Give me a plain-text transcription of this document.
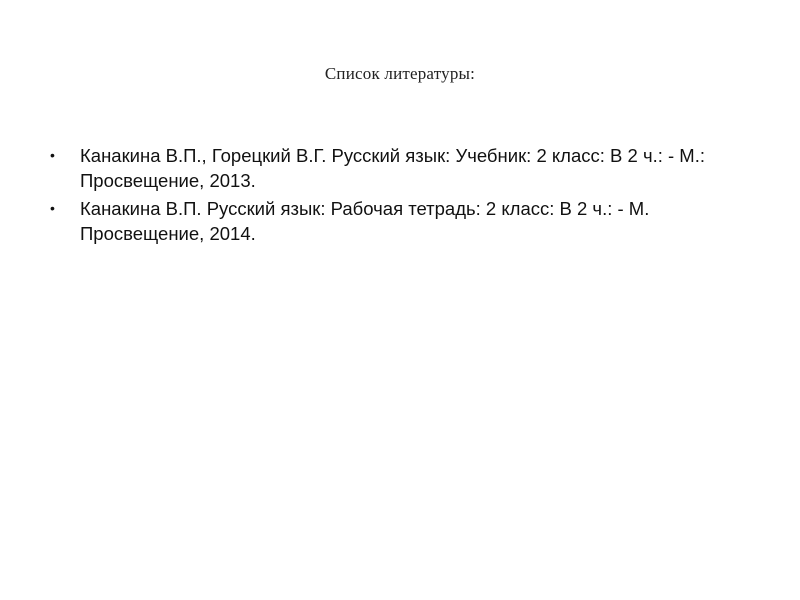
Список литературы:
•	Канакина В.П., Горецкий В.Г. Русский язык: Учебник: 2 класс: В 2 ч.: - М.: Просвещение, 2013.
•	Канакина В.П. Русский язык: Рабочая тетрадь: 2 класс: В 2 ч.: - М. Просвещение, 2014.
